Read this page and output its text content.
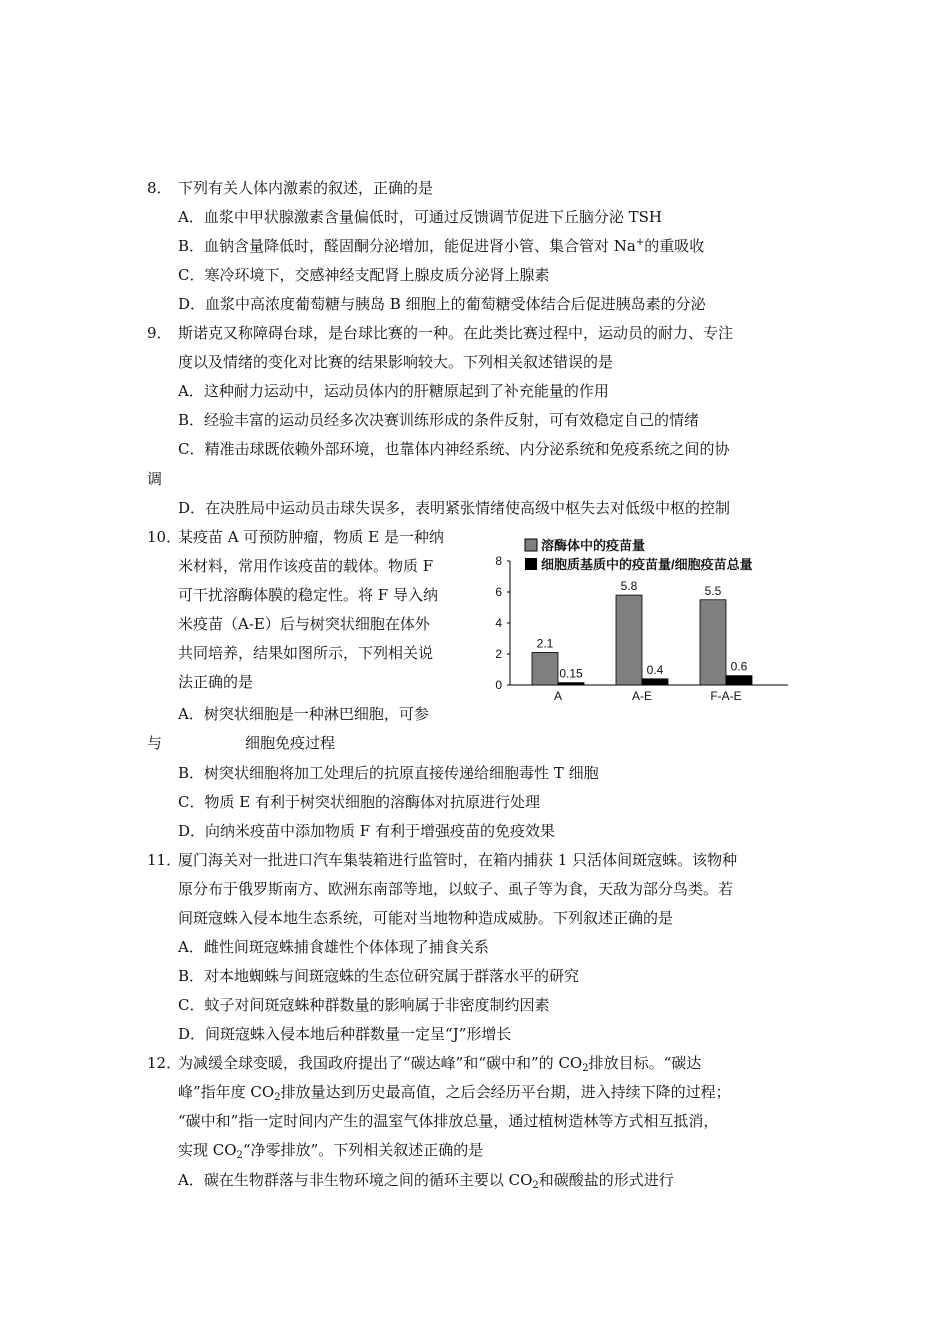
8． 下列有关人体内激素的叙述，正确的是
A．血浆中甲状腺激素含量偏低时，可通过反馈调节促进下丘脑分泌 TSH
B．血钠含量降低时，醛固酮分泌增加，能促进肾小管、集合管对 Na+的重吸收
C．寒冷环境下，交感神经支配肾上腺皮质分泌肾上腺素
D．血浆中高浓度葡萄糖与胰岛 B 细胞上的葡萄糖受体结合后促进胰岛素的分泌
9． 斯诺克又称障碍台球，是台球比赛的一种。在此类比赛过程中，运动员的耐力、专注
度以及情绪的变化对比赛的结果影响较大。下列相关叙述错误的是
A．这种耐力运动中，运动员体内的肝糖原起到了补充能量的作用
B．经验丰富的运动员经多次决赛训练形成的条件反射，可有效稳定自己的情绪
C．精准击球既依赖外部环境，也靠体内神经系统、内分泌系统和免疫系统之间的协
调
D．在决胜局中运动员击球失误多，表明紧张情绪使高级中枢失去对低级中枢的控制
10．
某疫苗 A 可预防肿瘤，物质 E 是一种纳
米材料，常用作该疫苗的载体。物质 F
可干扰溶酶体膜的稳定性。将 F 导入纳
米疫苗（A-E）后与树突状细胞在体外
共同培养，结果如图所示，下列相关说
法正确的是
A．树突状细胞是一种淋巴细胞，可参
与	细胞免疫过程
B．树突状细胞将加工处理后的抗原直接传递给细胞毒性 T 细胞
C．物质 E 有利于树突状细胞的溶酶体对抗原进行处理
D．向纳米疫苗中添加物质 F 有利于增强疫苗的免疫效果
溶酶体中的疫苗量
细胞质基质中的疫苗量/细胞疫苗总量
0
2
4
6
8
2.1
0.15
A
5.8
0.4
A-E
5.5
0.6
F-A-E
11．
厦门海关对一批进口汽车集装箱进行监管时，在箱内捕获 1 只活体间斑寇蛛。该物种
原分布于俄罗斯南方、欧洲东南部等地，以蚊子、虱子等为食，天敌为部分鸟类。若
间斑寇蛛入侵本地生态系统，可能对当地物种造成威胁。下列叙述正确的是
A．雌性间斑寇蛛捕食雄性个体体现了捕食关系
B．对本地蜘蛛与间斑寇蛛的生态位研究属于群落水平的研究
C．蚊子对间斑寇蛛种群数量的影响属于非密度制约因素
D．间斑寇蛛入侵本地后种群数量一定呈“J”形增长
12．
为减缓全球变暖，我国政府提出了“碳达峰”和“碳中和”的 $CO_2$排放目标。“碳达
峰”指年度 $CO_2$排放量达到历史最高值，之后会经历平台期，进入持续下降的过程；
“碳中和”指一定时间内产生的温室气体排放总量，通过植树造林等方式相互抵消，
实现 $CO_2“$净零排放”。下列相关叙述正确的是
A．碳在生物群落与非生物环境之间的循环主要以 $CO_2$和碳酸盐的形式进行
